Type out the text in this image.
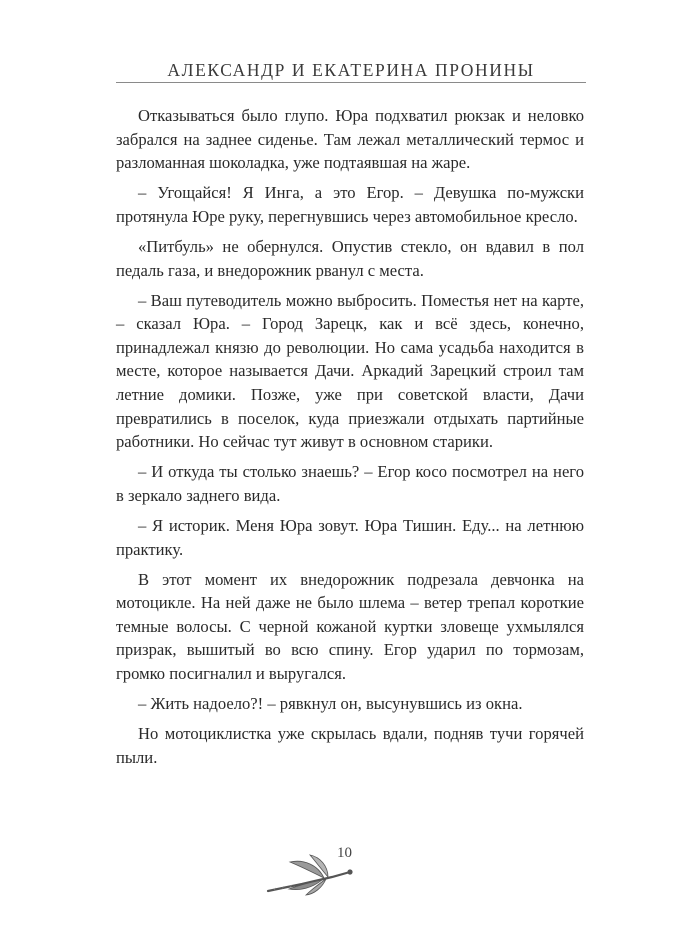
АЛЕКСАНДР И ЕКАТЕРИНА ПРОНИНЫ

Отказываться было глупо. Юра подхватил рюкзак и неловко забрался на заднее сиденье. Там лежал металлический термос и разломанная шоколадка, уже подтаявшая на жаре.

– Угощайся! Я Инга, а это Егор. – Девушка по-мужски протянула Юре руку, перегнувшись через автомобильное кресло.

«Питбуль» не обернулся. Опустив стекло, он вдавил в пол педаль газа, и внедорожник рванул с места.

– Ваш путеводитель можно выбросить. Поместья нет на карте, – сказал Юра. – Город Зарецк, как и всё здесь, конечно, принадлежал князю до революции. Но сама усадьба находится в месте, которое называется Дачи. Аркадий Зарецкий строил там летние домики. Позже, уже при советской власти, Дачи превратились в поселок, куда приезжали отдыхать партийные работники. Но сейчас тут живут в основном старики.

– И откуда ты столько знаешь? – Егор косо посмотрел на него в зеркало заднего вида.

– Я историк. Меня Юра зовут. Юра Тишин. Еду... на летнюю практику.

В этот момент их внедорожник подрезала девчонка на мотоцикле. На ней даже не было шлема – ветер трепал короткие темные волосы. С черной кожаной куртки зловеще ухмылялся призрак, вышитый во всю спину. Егор ударил по тормозам, громко посигналил и выругался.

– Жить надоело?! – рявкнул он, высунувшись из окна.

Но мотоциклистка уже скрылась вдали, подняв тучи горячей пыли.

10
